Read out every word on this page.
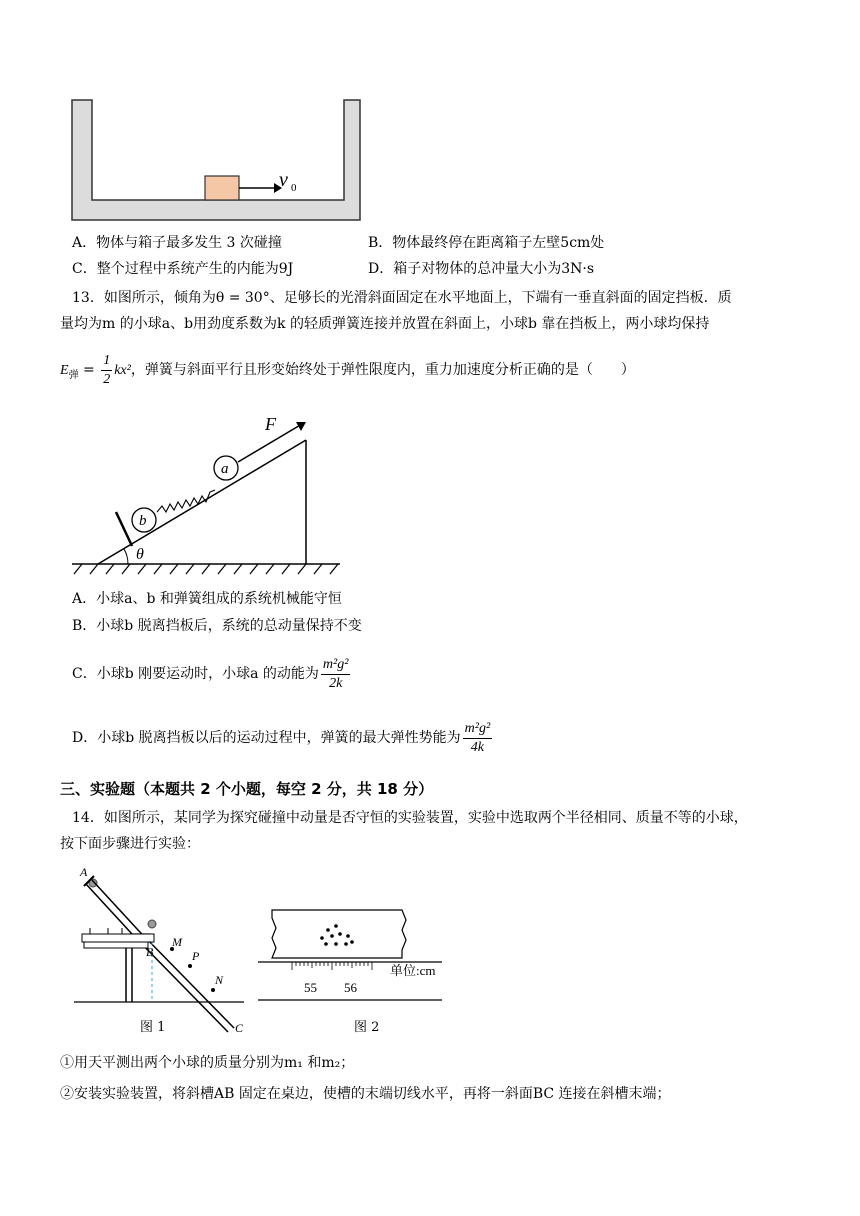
v 0
A．物体与箱子最多发生 3 次碰撞	B．物体最终停在距离箱子左壁5cm处
C．整个过程中系统产生的内能为9J	D．箱子对物体的总冲量大小为3N·s
13．如图所示，倾角为θ = 30°、足够长的光滑斜面固定在水平地面上，下端有一垂直斜面的固定挡板．质
量均为m 的小球a、b用劲度系数为k 的轻质弹簧连接并放置在斜面上，小球b 靠在挡板上，两小球均保持
$E_弹 = \frac{1}{2} kx^2$，弹簧与斜面平行且形变始终处于弹性限度内，重力加速度分析正确的是（　　）
θ
b
a
F
A．小球a、b 和弹簧组成的系统机械能守恒
B．小球b 脱离挡板后，系统的总动量保持不变
C．小球b 刚要运动时，小球a 的动能为 $\frac{\text{m²g²}}{2k}$
D．小球b 脱离挡板以后的运动过程中，弹簧的最大弹性势能为 $\frac{\text{m²g²}}{4k}$
三、实验题（本题共 2 个小题，每空 2 分，共 18 分）
14．如图所示，某同学为探究碰撞中动量是否守恒的实验装置，实验中选取两个半径相同、质量不等的小球，
按下面步骤进行实验：
A
B
M
P
N
C
图 1
55 56
单位:cm
图 2
①用天平测出两个小球的质量分别为m₁ 和m₂；
②安装实验装置，将斜槽AB 固定在桌边，使槽的末端切线水平，再将一斜面BC 连接在斜槽末端；
